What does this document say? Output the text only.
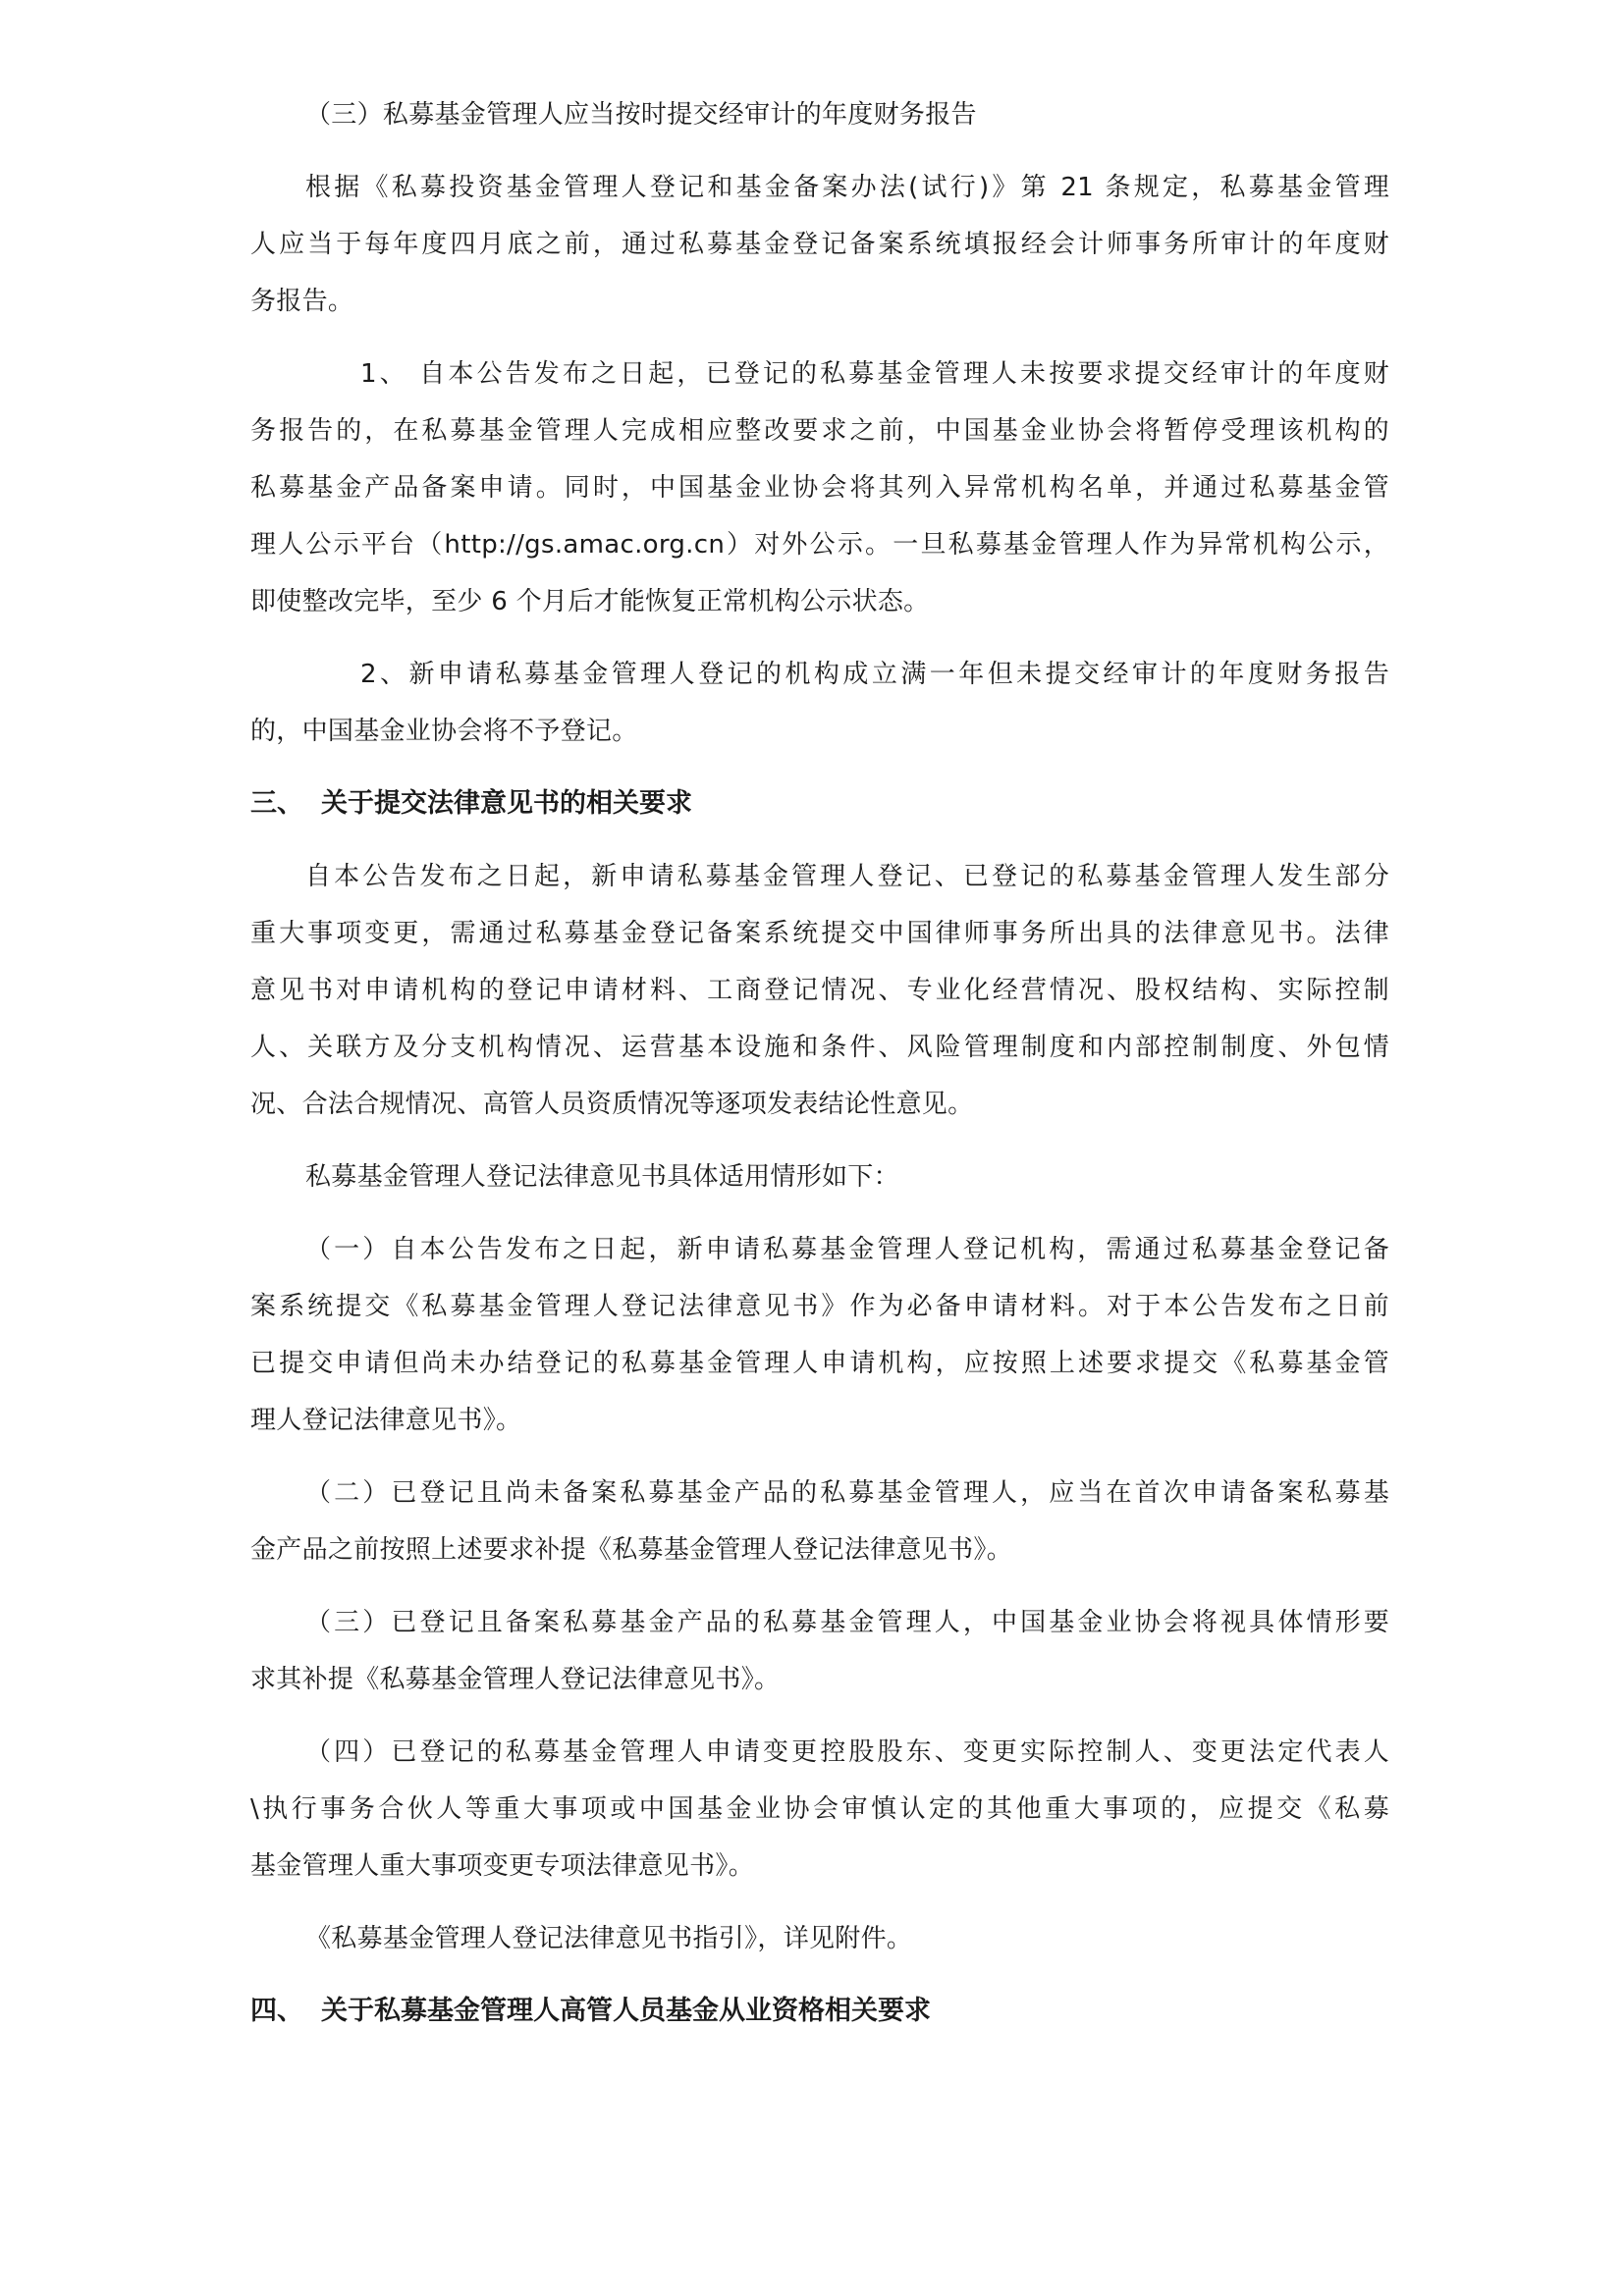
（三）私募基金管理人应当按时提交经审计的年度财务报告
根据《私募投资基金管理人登记和基金备案办法(试行)》第 21 条规定，私募基金管理
人应当于每年度四月底之前，通过私募基金登记备案系统填报经会计师事务所审计的年度财
务报告。
1、 自本公告发布之日起，已登记的私募基金管理人未按要求提交经审计的年度财
务报告的，在私募基金管理人完成相应整改要求之前，中国基金业协会将暂停受理该机构的
私募基金产品备案申请。同时，中国基金业协会将其列入异常机构名单，并通过私募基金管
理人公示平台（http://gs.amac.org.cn）对外公示。一旦私募基金管理人作为异常机构公示，
即使整改完毕，至少 6 个月后才能恢复正常机构公示状态。
2、新申请私募基金管理人登记的机构成立满一年但未提交经审计的年度财务报告
的，中国基金业协会将不予登记。
三、 关于提交法律意见书的相关要求
自本公告发布之日起，新申请私募基金管理人登记、已登记的私募基金管理人发生部分
重大事项变更，需通过私募基金登记备案系统提交中国律师事务所出具的法律意见书。法律
意见书对申请机构的登记申请材料、工商登记情况、专业化经营情况、股权结构、实际控制
人、关联方及分支机构情况、运营基本设施和条件、风险管理制度和内部控制制度、外包情
况、合法合规情况、高管人员资质情况等逐项发表结论性意见。
私募基金管理人登记法律意见书具体适用情形如下：
（一）自本公告发布之日起，新申请私募基金管理人登记机构，需通过私募基金登记备
案系统提交《私募基金管理人登记法律意见书》作为必备申请材料。对于本公告发布之日前
已提交申请但尚未办结登记的私募基金管理人申请机构，应按照上述要求提交《私募基金管
理人登记法律意见书》。
（二）已登记且尚未备案私募基金产品的私募基金管理人，应当在首次申请备案私募基
金产品之前按照上述要求补提《私募基金管理人登记法律意见书》。
（三）已登记且备案私募基金产品的私募基金管理人，中国基金业协会将视具体情形要
求其补提《私募基金管理人登记法律意见书》。
（四）已登记的私募基金管理人申请变更控股股东、变更实际控制人、变更法定代表人
\执行事务合伙人等重大事项或中国基金业协会审慎认定的其他重大事项的，应提交《私募
基金管理人重大事项变更专项法律意见书》。
《私募基金管理人登记法律意见书指引》，详见附件。
四、 关于私募基金管理人高管人员基金从业资格相关要求
